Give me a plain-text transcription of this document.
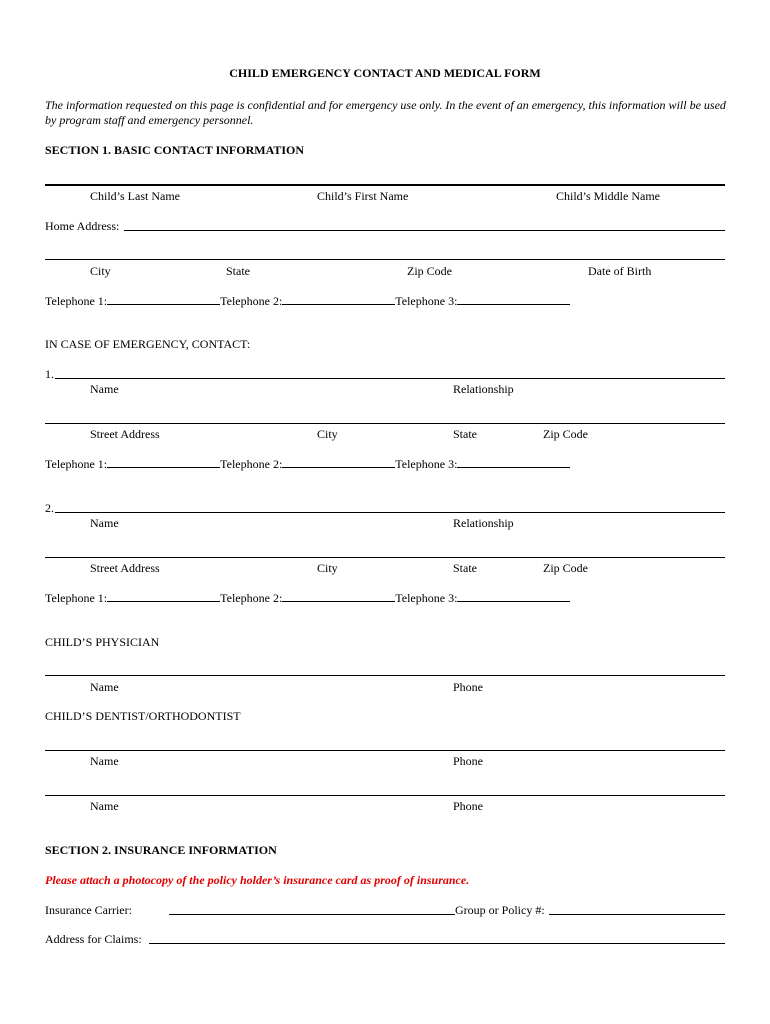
CHILD EMERGENCY CONTACT AND MEDICAL FORM
The information requested on this page is confidential and for emergency use only. In the event of an emergency, this information will be used by program staff and emergency personnel.
SECTION 1. BASIC CONTACT INFORMATION
Child’s Last Name	Child’s First Name	Child’s Middle Name
Home Address:
City	State	Zip Code	Date of Birth
Telephone 1:	Telephone 2:	Telephone 3:
IN CASE OF EMERGENCY, CONTACT:
1.
Name	Relationship
Street Address	City	State	Zip Code
Telephone 1:	Telephone 2:	Telephone 3:
2.
Name	Relationship
Street Address	City	State	Zip Code
Telephone 1:	Telephone 2:	Telephone 3:
CHILD’S PHYSICIAN
Name	Phone
CHILD’S DENTIST/ORTHODONTIST
Name	Phone
Name	Phone
SECTION 2. INSURANCE INFORMATION
Please attach a photocopy of the policy holder’s insurance card as proof of insurance.
Insurance Carrier:	Group or Policy #:
Address for Claims:
